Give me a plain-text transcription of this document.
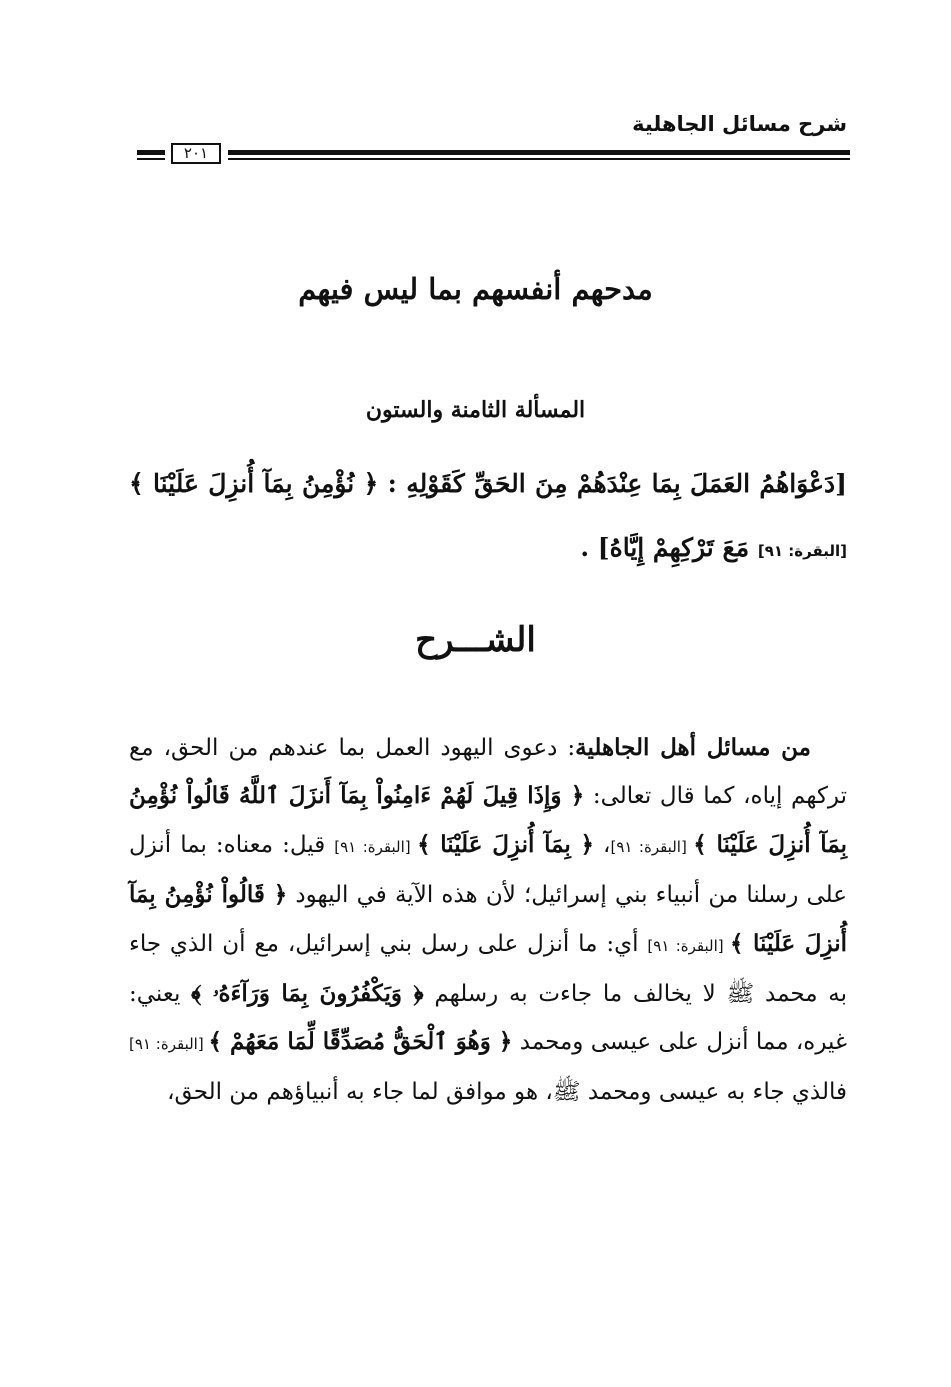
شرح مسائل الجاهلية
٢٠١
مدحهم أنفسهم بما ليس فيهم
المسألة الثامنة والستون
[دَعْوَاهُمُ العَمَلَ بِمَا عِنْدَهُمْ مِنَ الحَقِّ كَقَوْلِهِ : ﴿ نُؤْمِنُ بِمَآ أُنزِلَ عَلَيْنَا ﴾ [البقرة: ٩١] مَعَ تَرْكِهِمْ إِيَّاهُ] .
الشـــرح

من مسائل أهل الجاهلية: دعوى اليهود العمل بما عندهم من الحق، مع تركهم إياه، كما قال تعالى: ﴿ وَإِذَا قِيلَ لَهُمْ ءَامِنُواْ بِمَآ أَنزَلَ ٱللَّهُ قَالُواْ نُؤْمِنُ بِمَآ أُنزِلَ عَلَيْنَا ﴾ [البقرة: ٩١]، ﴿ بِمَآ أُنزِلَ عَلَيْنَا ﴾ [البقرة: ٩١] قيل: معناه: بما أنزل على رسلنا من أنبياء بني إسرائيل؛ لأن هذه الآية في اليهود ﴿ قَالُواْ نُؤْمِنُ بِمَآ أُنزِلَ عَلَيْنَا ﴾ [البقرة: ٩١] أي: ما أنزل على رسل بني إسرائيل، مع أن الذي جاء به محمد ﷺ لا يخالف ما جاءت به رسلهم ﴿ وَيَكْفُرُونَ بِمَا وَرَآءَهُۥ ﴾ يعني: غيره، مما أنزل على عيسى ومحمد ﴿ وَهُوَ ٱلْحَقُّ مُصَدِّقًا لِّمَا مَعَهُمْ ﴾ [البقرة: ٩١] فالذي جاء به عيسى ومحمد ﷺ، هو موافق لما جاء به أنبياؤهم من الحق،
